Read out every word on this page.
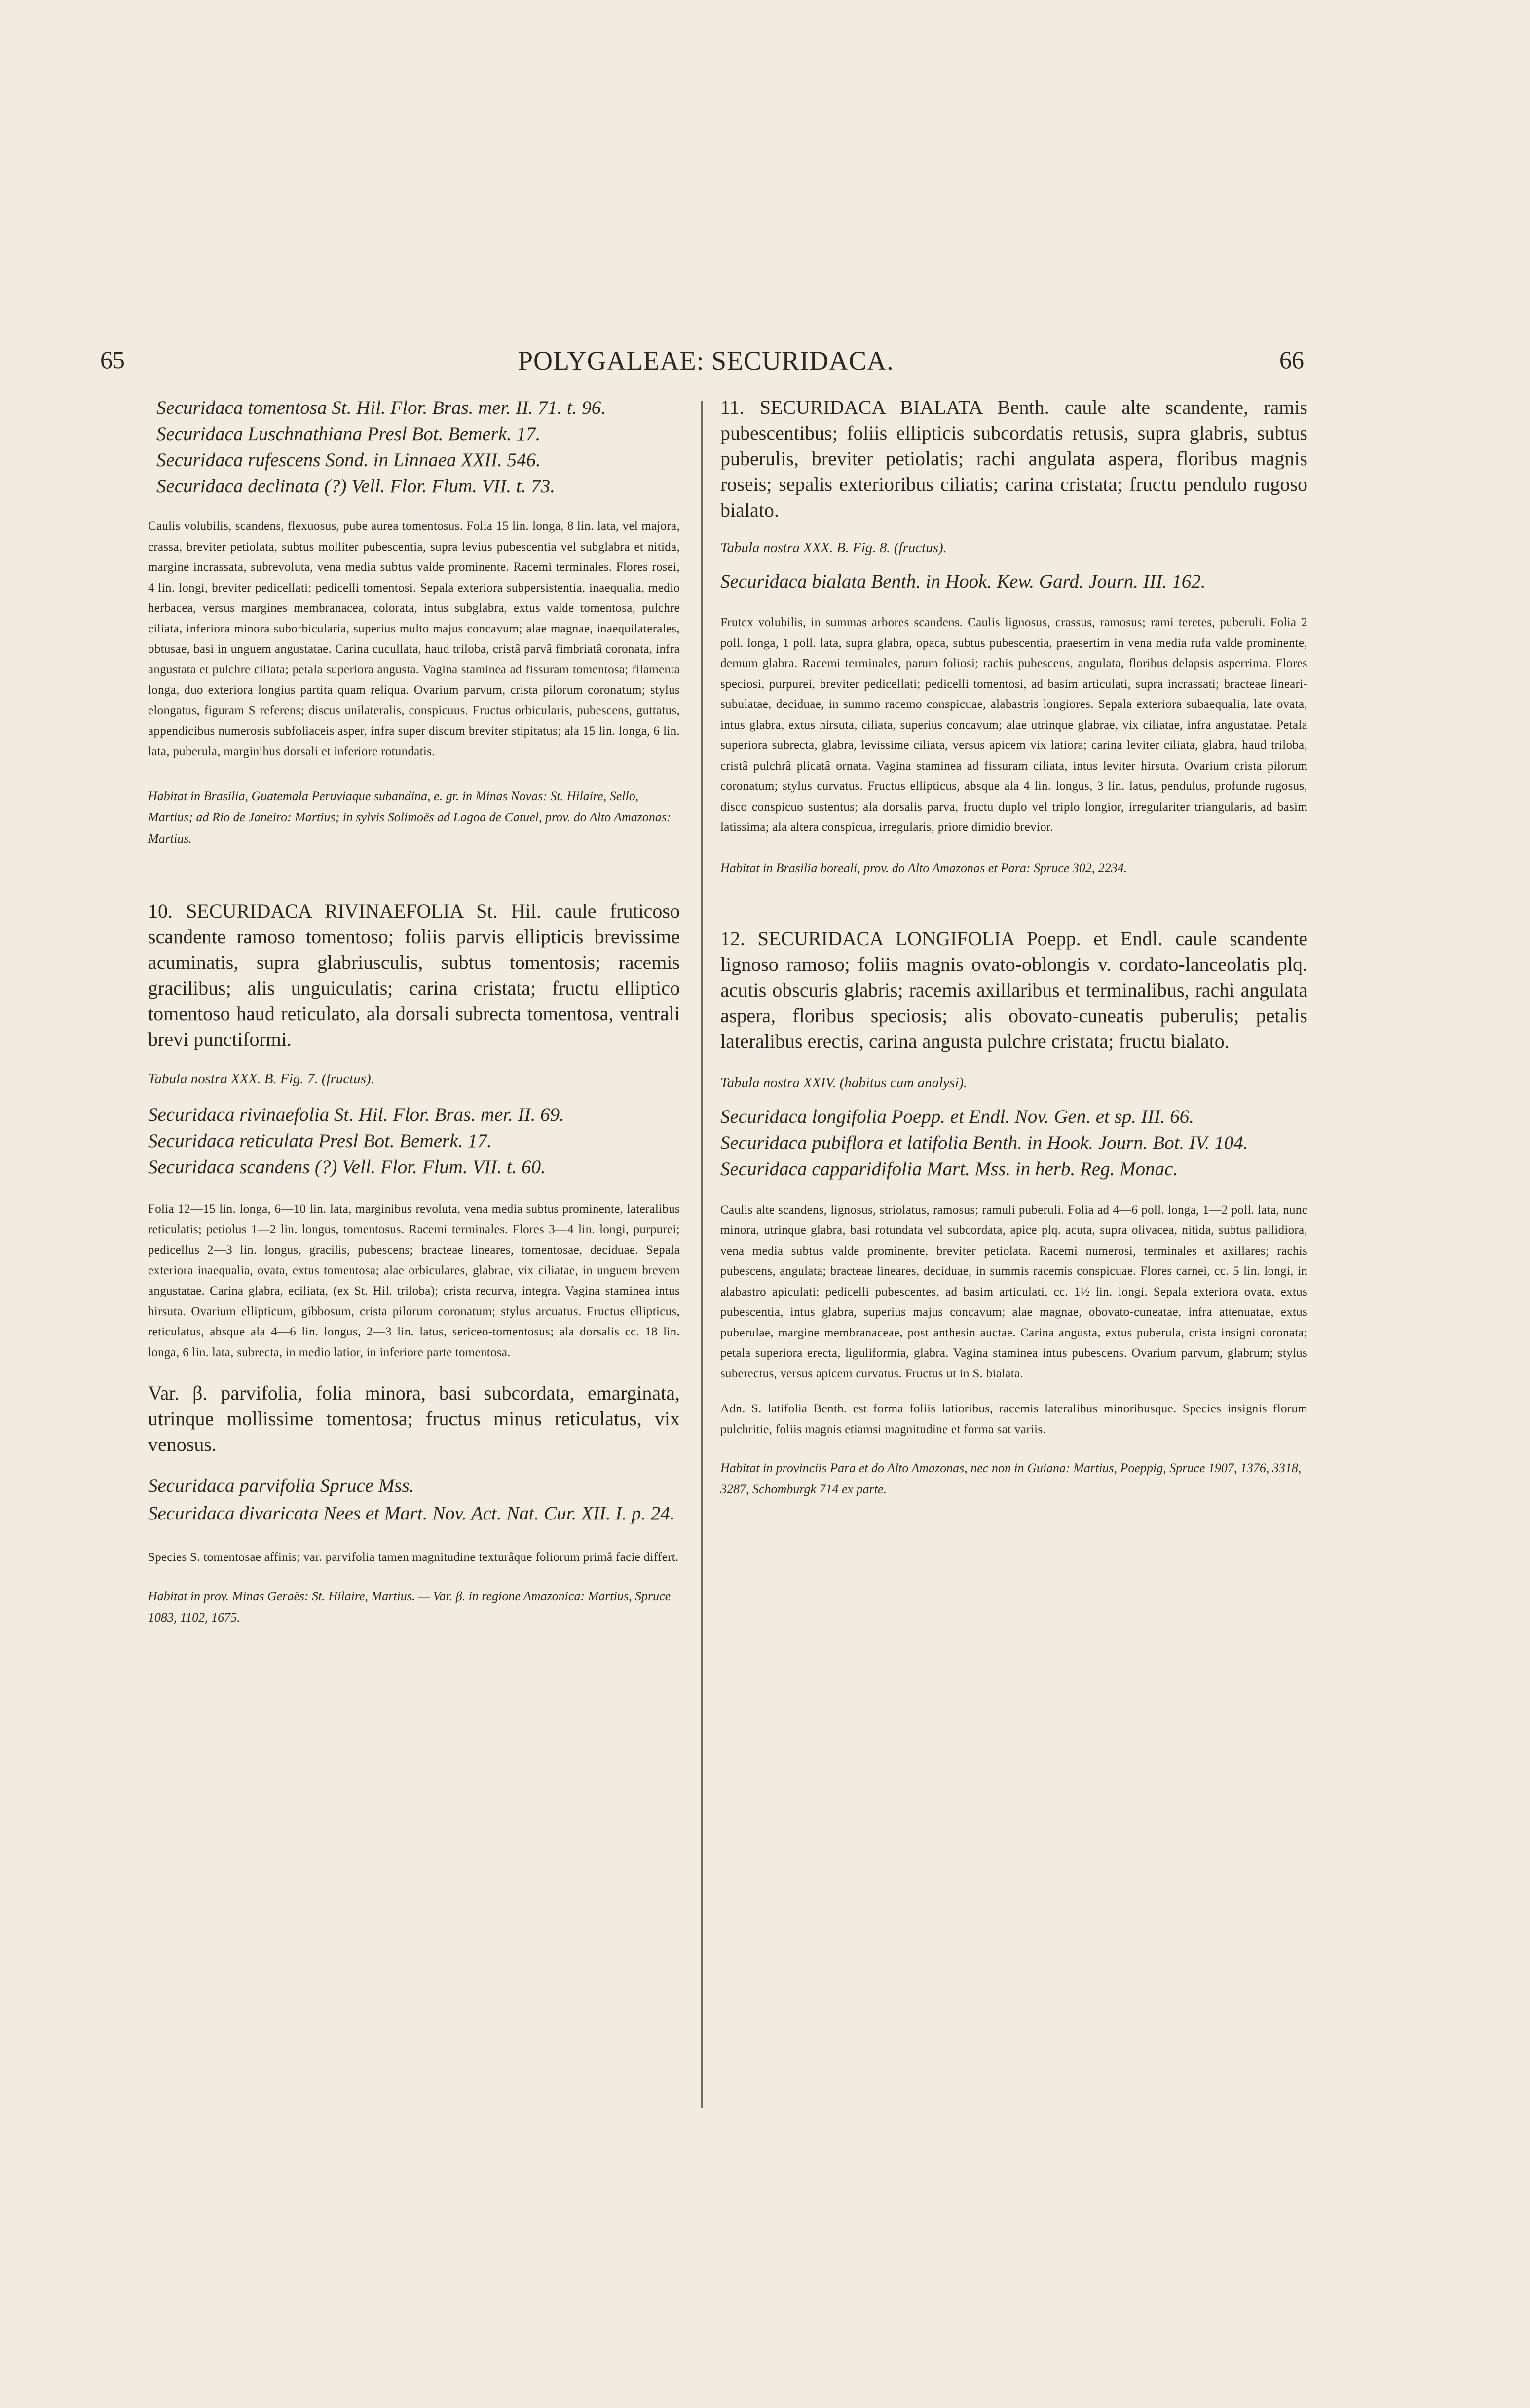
65	POLYGALEAE: SECURIDACA.	66

Securidaca tomentosa St. Hil. Flor. Bras. mer. II. 71. t. 96.

Securidaca Luschnathiana Presl Bot. Bemerk. 17.

Securidaca rufescens Sond. in Linnaea XXII. 546.

Securidaca declinata (?) Vell. Flor. Flum. VII. t. 73.

Caulis volubilis, scandens, flexuosus, pube aurea tomentosus. Folia 15 lin. longa, 8 lin. lata, vel majora, crassa, breviter petiolata, subtus molliter pubescentia, supra levius pubescentia vel subglabra et nitida, margine incrassata, subrevoluta, vena media subtus valde prominente. Racemi terminales. Flores rosei, 4 lin. longi, breviter pedicellati; pedicelli tomentosi. Sepala exteriora subpersistentia, inaequalia, medio herbacea, versus margines membranacea, colorata, intus subglabra, extus valde tomentosa, pulchre ciliata, inferiora minora suborbicularia, superius multo majus concavum; alae magnae, inaequilaterales, obtusae, basi in unguem angustatae. Carina cucullata, haud triloba, cristâ parvâ fimbriatâ coronata, infra angustata et pulchre ciliata; petala superiora angusta. Vagina staminea ad fissuram tomentosa; filamenta longa, duo exteriora longius partita quam reliqua. Ovarium parvum, crista pilorum coronatum; stylus elongatus, figuram S referens; discus unilateralis, conspicuus. Fructus orbicularis, pubescens, guttatus, appendicibus numerosis subfoliaceis asper, infra super discum breviter stipitatus; ala 15 lin. longa, 6 lin. lata, puberula, marginibus dorsali et inferiore rotundatis.

Habitat in Brasilia, Guatemala Peruviaque subandina, e. gr. in Minas Novas: St. Hilaire, Sello, Martius; ad Rio de Janeiro: Martius; in sylvis Solimoës ad Lagoa de Catuel, prov. do Alto Amazonas: Martius.

10. SECURIDACA RIVINAEFOLIA St. Hil. caule fruticoso scandente ramoso tomentoso; foliis parvis ellipticis brevissime acuminatis, supra glabriusculis, subtus tomentosis; racemis gracilibus; alis unguiculatis; carina cristata; fructu elliptico tomentoso haud reticulato, ala dorsali subrecta tomentosa, ventrali brevi punctiformi.

Tabula nostra XXX. B. Fig. 7. (fructus).

Securidaca rivinaefolia St. Hil. Flor. Bras. mer. II. 69.

Securidaca reticulata Presl Bot. Bemerk. 17.

Securidaca scandens (?) Vell. Flor. Flum. VII. t. 60.

Folia 12—15 lin. longa, 6—10 lin. lata, marginibus revoluta, vena media subtus prominente, lateralibus reticulatis; petiolus 1—2 lin. longus, tomentosus. Racemi terminales. Flores 3—4 lin. longi, purpurei; pedicellus 2—3 lin. longus, gracilis, pubescens; bracteae lineares, tomentosae, deciduae. Sepala exteriora inaequalia, ovata, extus tomentosa; alae orbiculares, glabrae, vix ciliatae, in unguem brevem angustatae. Carina glabra, eciliata, (ex St. Hil. triloba); crista recurva, integra. Vagina staminea intus hirsuta. Ovarium ellipticum, gibbosum, crista pilorum coronatum; stylus arcuatus. Fructus ellipticus, reticulatus, absque ala 4—6 lin. longus, 2—3 lin. latus, sericeo-tomentosus; ala dorsalis cc. 18 lin. longa, 6 lin. lata, subrecta, in medio latior, in inferiore parte tomentosa.

Var. β. parvifolia, folia minora, basi subcordata, emarginata, utrinque mollissime tomentosa; fructus minus reticulatus, vix venosus.

Securidaca parvifolia Spruce Mss.

Securidaca divaricata Nees et Mart. Nov. Act. Nat. Cur. XII. I. p. 24.

Species S. tomentosae affinis; var. parvifolia tamen magnitudine texturâque foliorum primâ facie differt.

Habitat in prov. Minas Geraës: St. Hilaire, Martius. — Var. β. in regione Amazonica: Martius, Spruce 1083, 1102, 1675.

11. SECURIDACA BIALATA Benth. caule alte scandente, ramis pubescentibus; foliis ellipticis subcordatis retusis, supra glabris, subtus puberulis, breviter petiolatis; rachi angulata aspera, floribus magnis roseis; sepalis exterioribus ciliatis; carina cristata; fructu pendulo rugoso bialato.

Tabula nostra XXX. B. Fig. 8. (fructus).

Securidaca bialata Benth. in Hook. Kew. Gard. Journ. III. 162.

Frutex volubilis, in summas arbores scandens. Caulis lignosus, crassus, ramosus; rami teretes, puberuli. Folia 2 poll. longa, 1 poll. lata, supra glabra, opaca, subtus pubescentia, praesertim in vena media rufa valde prominente, demum glabra. Racemi terminales, parum foliosi; rachis pubescens, angulata, floribus delapsis asperrima. Flores speciosi, purpurei, breviter pedicellati; pedicelli tomentosi, ad basim articulati, supra incrassati; bracteae lineari-subulatae, deciduae, in summo racemo conspicuae, alabastris longiores. Sepala exteriora subaequalia, late ovata, intus glabra, extus hirsuta, ciliata, superius concavum; alae utrinque glabrae, vix ciliatae, infra angustatae. Petala superiora subrecta, glabra, levissime ciliata, versus apicem vix latiora; carina leviter ciliata, glabra, haud triloba, cristâ pulchrâ plicatâ ornata. Vagina staminea ad fissuram ciliata, intus leviter hirsuta. Ovarium crista pilorum coronatum; stylus curvatus. Fructus ellipticus, absque ala 4 lin. longus, 3 lin. latus, pendulus, profunde rugosus, disco conspicuo sustentus; ala dorsalis parva, fructu duplo vel triplo longior, irregulariter triangularis, ad basim latissima; ala altera conspicua, irregularis, priore dimidio brevior.

Habitat in Brasilia boreali, prov. do Alto Amazonas et Para: Spruce 302, 2234.

12. SECURIDACA LONGIFOLIA Poepp. et Endl. caule scandente lignoso ramoso; foliis magnis ovato-oblongis v. cordato-lanceolatis plq. acutis obscuris glabris; racemis axillaribus et terminalibus, rachi angulata aspera, floribus speciosis; alis obovato-cuneatis puberulis; petalis lateralibus erectis, carina angusta pulchre cristata; fructu bialato.

Tabula nostra XXIV. (habitus cum analysi).

Securidaca longifolia Poepp. et Endl. Nov. Gen. et sp. III. 66.

Securidaca pubiflora et latifolia Benth. in Hook. Journ. Bot. IV. 104.

Securidaca capparidifolia Mart. Mss. in herb. Reg. Monac.

Caulis alte scandens, lignosus, striolatus, ramosus; ramuli puberuli. Folia ad 4—6 poll. longa, 1—2 poll. lata, nunc minora, utrinque glabra, basi rotundata vel subcordata, apice plq. acuta, supra olivacea, nitida, subtus pallidiora, vena media subtus valde prominente, breviter petiolata. Racemi numerosi, terminales et axillares; rachis pubescens, angulata; bracteae lineares, deciduae, in summis racemis conspicuae. Flores carnei, cc. 5 lin. longi, in alabastro apiculati; pedicelli pubescentes, ad basim articulati, cc. 1½ lin. longi. Sepala exteriora ovata, extus pubescentia, intus glabra, superius majus concavum; alae magnae, obovato-cuneatae, infra attenuatae, extus puberulae, margine membranaceae, post anthesin auctae. Carina angusta, extus puberula, crista insigni coronata; petala superiora erecta, liguliformia, glabra. Vagina staminea intus pubescens. Ovarium parvum, glabrum; stylus suberectus, versus apicem curvatus. Fructus ut in S. bialata.

Adn. S. latifolia Benth. est forma foliis latioribus, racemis lateralibus minoribusque. Species insignis florum pulchritie, foliis magnis etiamsi magnitudine et forma sat variis.

Habitat in provinciis Para et do Alto Amazonas, nec non in Guiana: Martius, Poeppig, Spruce 1907, 1376, 3318, 3287, Schomburgk 714 ex parte.
